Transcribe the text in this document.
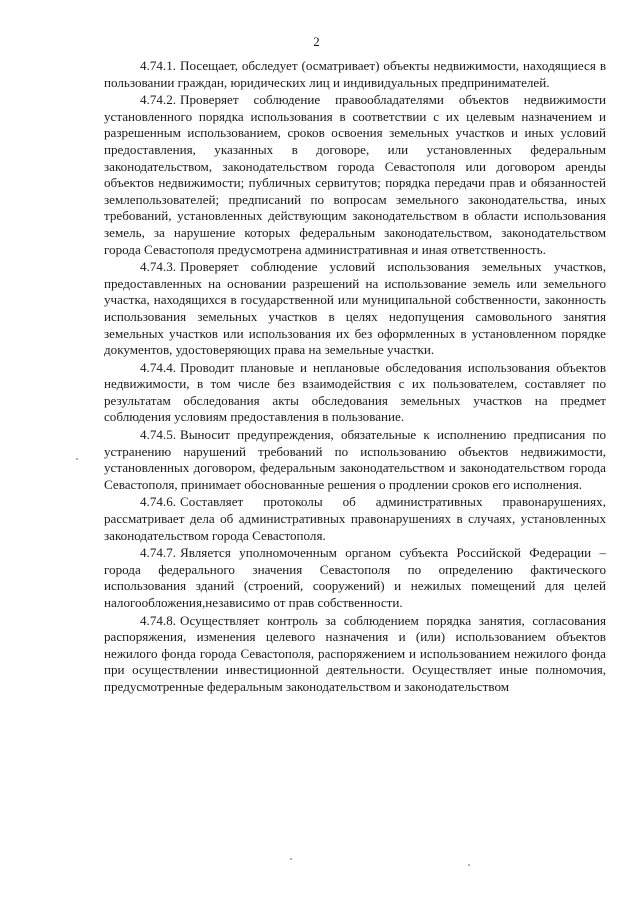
2

4.74.1. Посещает, обследует (осматривает) объекты недвижимости, находящиеся в пользовании граждан, юридических лиц и индивидуальных предпринимателей.

4.74.2. Проверяет соблюдение правообладателями объектов недвижимости установленного порядка использования в соответствии с их целевым назначением и разрешенным использованием, сроков освоения земельных участков и иных условий предоставления, указанных в договоре, или установленных федеральным законодательством, законодательством города Севастополя или договором аренды объектов недвижимости; публичных сервитутов; порядка передачи прав и обязанностей землепользователей; предписаний по вопросам земельного законодательства, иных требований, установленных действующим законодательством в области использования земель, за нарушение которых федеральным законодательством, законодательством города Севастополя предусмотрена административная и иная ответственность.

4.74.3. Проверяет соблюдение условий использования земельных участков, предоставленных на основании разрешений на использование земель или земельного участка, находящихся в государственной или муниципальной собственности, законность использования земельных участков в целях недопущения самовольного занятия земельных участков или использования их без оформленных в установленном порядке документов, удостоверяющих права на земельные участки.

4.74.4. Проводит плановые и неплановые обследования использования объектов недвижимости, в том числе без взаимодействия с их пользователем, составляет по результатам обследования акты обследования земельных участков на предмет соблюдения условиям предоставления в пользование.

4.74.5. Выносит предупреждения, обязательные к исполнению предписания по устранению нарушений требований по использованию объектов недвижимости, установленных договором, федеральным законодательством и законодательством города Севастополя, принимает обоснованные решения о продлении сроков его исполнения.

4.74.6. Составляет протоколы об административных правонарушениях, рассматривает дела об административных правонарушениях в случаях, установленных законодательством города Севастополя.

4.74.7. Является уполномоченным органом субъекта Российской Федерации – города федерального значения Севастополя по определению фактического использования зданий (строений, сооружений) и нежилых помещений для целей налогообложения,независимо от прав собственности.

4.74.8. Осуществляет контроль за соблюдением порядка занятия, согласования распоряжения, изменения целевого назначения и (или) использованием объектов нежилого фонда города Севастополя, распоряжением и использованием нежилого фонда при осуществлении инвестиционной деятельности. Осуществляет иные полномочия, предусмотренные федеральным законодательством и законодательством
